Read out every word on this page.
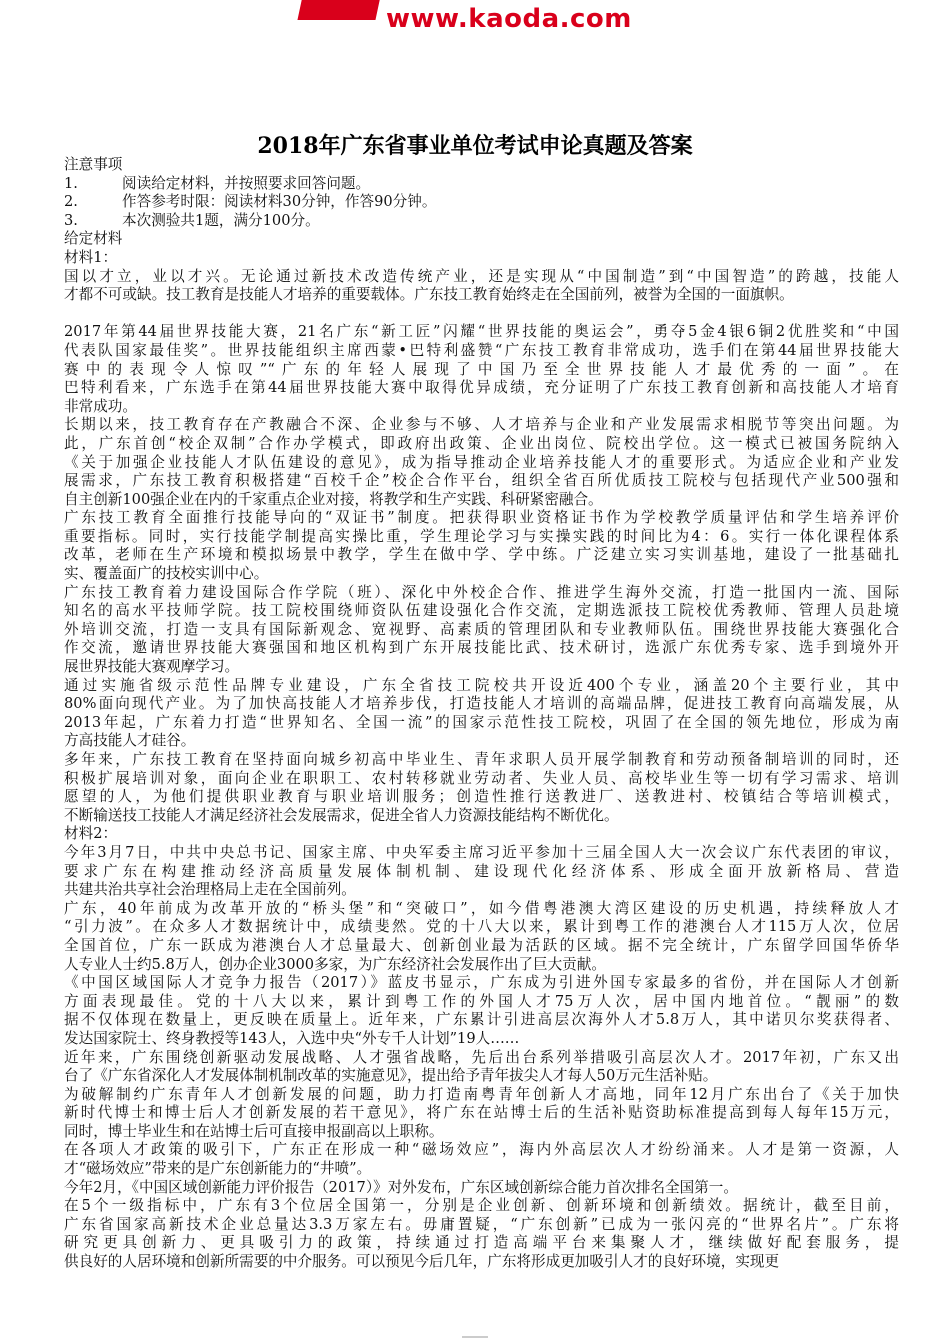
www.kaoda.com
2018年广东省事业单位考试申论真题及答案
注意事项
1.	阅读给定材料，并按照要求回答问题。
2.	作答参考时限：阅读材料30分钟，作答90分钟。
3.	本次测验共1题，满分100分。
给定材料
材料1：
国以才立，业以才兴。无论通过新技术改造传统产业，还是实现从“中国制造”到“中国智造”的跨越，技能人
才都不可或缺。技工教育是技能人才培养的重要载体。广东技工教育始终走在全国前列，被誉为全国的一面旗帜。
2017年第44届世界技能大赛，21名广东“新工匠”闪耀“世界技能的奥运会”，勇夺5金4银6铜2优胜奖和“中国
代表队国家最佳奖”。世界技能组织主席西蒙•巴特利盛赞“广东技工教育非常成功，选手们在第44届世界技能大
赛中的表现令人惊叹”“广东的年轻人展现了中国乃至全世界技能人才最优秀的一面”。在
巴特利看来，广东选手在第44届世界技能大赛中取得优异成绩，充分证明了广东技工教育创新和高技能人才培育
非常成功。
长期以来，技工教育存在产教融合不深、企业参与不够、人才培养与企业和产业发展需求相脱节等突出问题。为
此，广东首创“校企双制”合作办学模式，即政府出政策、企业出岗位、院校出学位。这一模式已被国务院纳入
《关于加强企业技能人才队伍建设的意见》，成为指导推动企业培养技能人才的重要形式。为适应企业和产业发
展需求，广东技工教育积极搭建“百校千企”校企合作平台，组织全省百所优质技工院校与包括现代产业500强和
自主创新100强企业在内的千家重点企业对接，将教学和生产实践、科研紧密融合。
广东技工教育全面推行技能导向的“双证书”制度。把获得职业资格证书作为学校教学质量评估和学生培养评价
重要指标。同时，实行技能学制提高实操比重，学生理论学习与实操实践的时间比为4：6。实行一体化课程体系
改革，老师在生产环境和模拟场景中教学，学生在做中学、学中练。广泛建立实习实训基地，建设了一批基础扎
实、覆盖面广的技校实训中心。
广东技工教育着力建设国际合作学院（班）、深化中外校企合作、推进学生海外交流，打造一批国内一流、国际
知名的高水平技师学院。技工院校围绕师资队伍建设强化合作交流，定期选派技工院校优秀教师、管理人员赴境
外培训交流，打造一支具有国际新观念、宽视野、高素质的管理团队和专业教师队伍。围绕世界技能大赛强化合
作交流，邀请世界技能大赛强国和地区机构到广东开展技能比武、技术研讨，选派广东优秀专家、选手到境外开
展世界技能大赛观摩学习。
通过实施省级示范性品牌专业建设，广东全省技工院校共开设近400个专业，涵盖20个主要行业，其中
80%面向现代产业。为了加快高技能人才培养步伐，打造技能人才培训的高端品牌，促进技工教育向高端发展，从
2013年起，广东着力打造“世界知名、全国一流”的国家示范性技工院校，巩固了在全国的领先地位，形成为南
方高技能人才硅谷。
多年来，广东技工教育在坚持面向城乡初高中毕业生、青年求职人员开展学制教育和劳动预备制培训的同时，还
积极扩展培训对象，面向企业在职职工、农村转移就业劳动者、失业人员、高校毕业生等一切有学习需求、培训
愿望的人，为他们提供职业教育与职业培训服务；创造性推行送教进厂、送教进村、校镇结合等培训模式，
不断输送技工技能人才满足经济社会发展需求，促进全省人力资源技能结构不断优化。
材料2：
今年3月7日，中共中央总书记、国家主席、中央军委主席习近平参加十三届全国人大一次会议广东代表团的审议，
要求广东在构建推动经济高质量发展体制机制、建设现代化经济体系、形成全面开放新格局、营造
共建共治共享社会治理格局上走在全国前列。
广东，40年前成为改革开放的“桥头堡”和“突破口”，如今借粤港澳大湾区建设的历史机遇，持续释放人才
“引力波”。在众多人才数据统计中，成绩斐然。党的十八大以来，累计到粤工作的港澳台人才115万人次，位居
全国首位，广东一跃成为港澳台人才总量最大、创新创业最为活跃的区域。据不完全统计，广东留学回国华侨华
人专业人士约5.8万人，创办企业3000多家，为广东经济社会发展作出了巨大贡献。
《中国区域国际人才竞争力报告（2017）》蓝皮书显示，广东成为引进外国专家最多的省份，并在国际人才创新
方面表现最佳。党的十八大以来，累计到粤工作的外国人才75万人次，居中国内地首位。“靓丽”的数
据不仅体现在数量上，更反映在质量上。近年来，广东累计引进高层次海外人才5.8万人，其中诺贝尔奖获得者、
发达国家院士、终身教授等143人，入选中央“外专千人计划”19人……
近年来，广东围绕创新驱动发展战略、人才强省战略，先后出台系列举措吸引高层次人才。2017年初，广东又出
台了《广东省深化人才发展体制机制改革的实施意见》，提出给予青年拔尖人才每人50万元生活补贴。
为破解制约广东青年人才创新发展的问题，助力打造南粤青年创新人才高地，同年12月广东出台了《关于加快
新时代博士和博士后人才创新发展的若干意见》，将广东在站博士后的生活补贴资助标准提高到每人每年15万元，
同时，博士毕业生和在站博士后可直接申报副高以上职称。
在各项人才政策的吸引下，广东正在形成一种“磁场效应”，海内外高层次人才纷纷涌来。人才是第一资源，人
才“磁场效应”带来的是广东创新能力的“井喷”。
今年2月，《中国区域创新能力评价报告（2017）》对外发布，广东区域创新综合能力首次排名全国第一。
在5个一级指标中，广东有3个位居全国第一，分别是企业创新、创新环境和创新绩效。据统计，截至目前，
广东省国家高新技术企业总量达3.3万家左右。毋庸置疑，“广东创新”已成为一张闪亮的“世界名片”。广东将
研究更具创新力、更具吸引力的政策，持续通过打造高端平台来集聚人才，继续做好配套服务，提
供良好的人居环境和创新所需要的中介服务。可以预见今后几年，广东将形成更加吸引人才的良好环境，实现更
